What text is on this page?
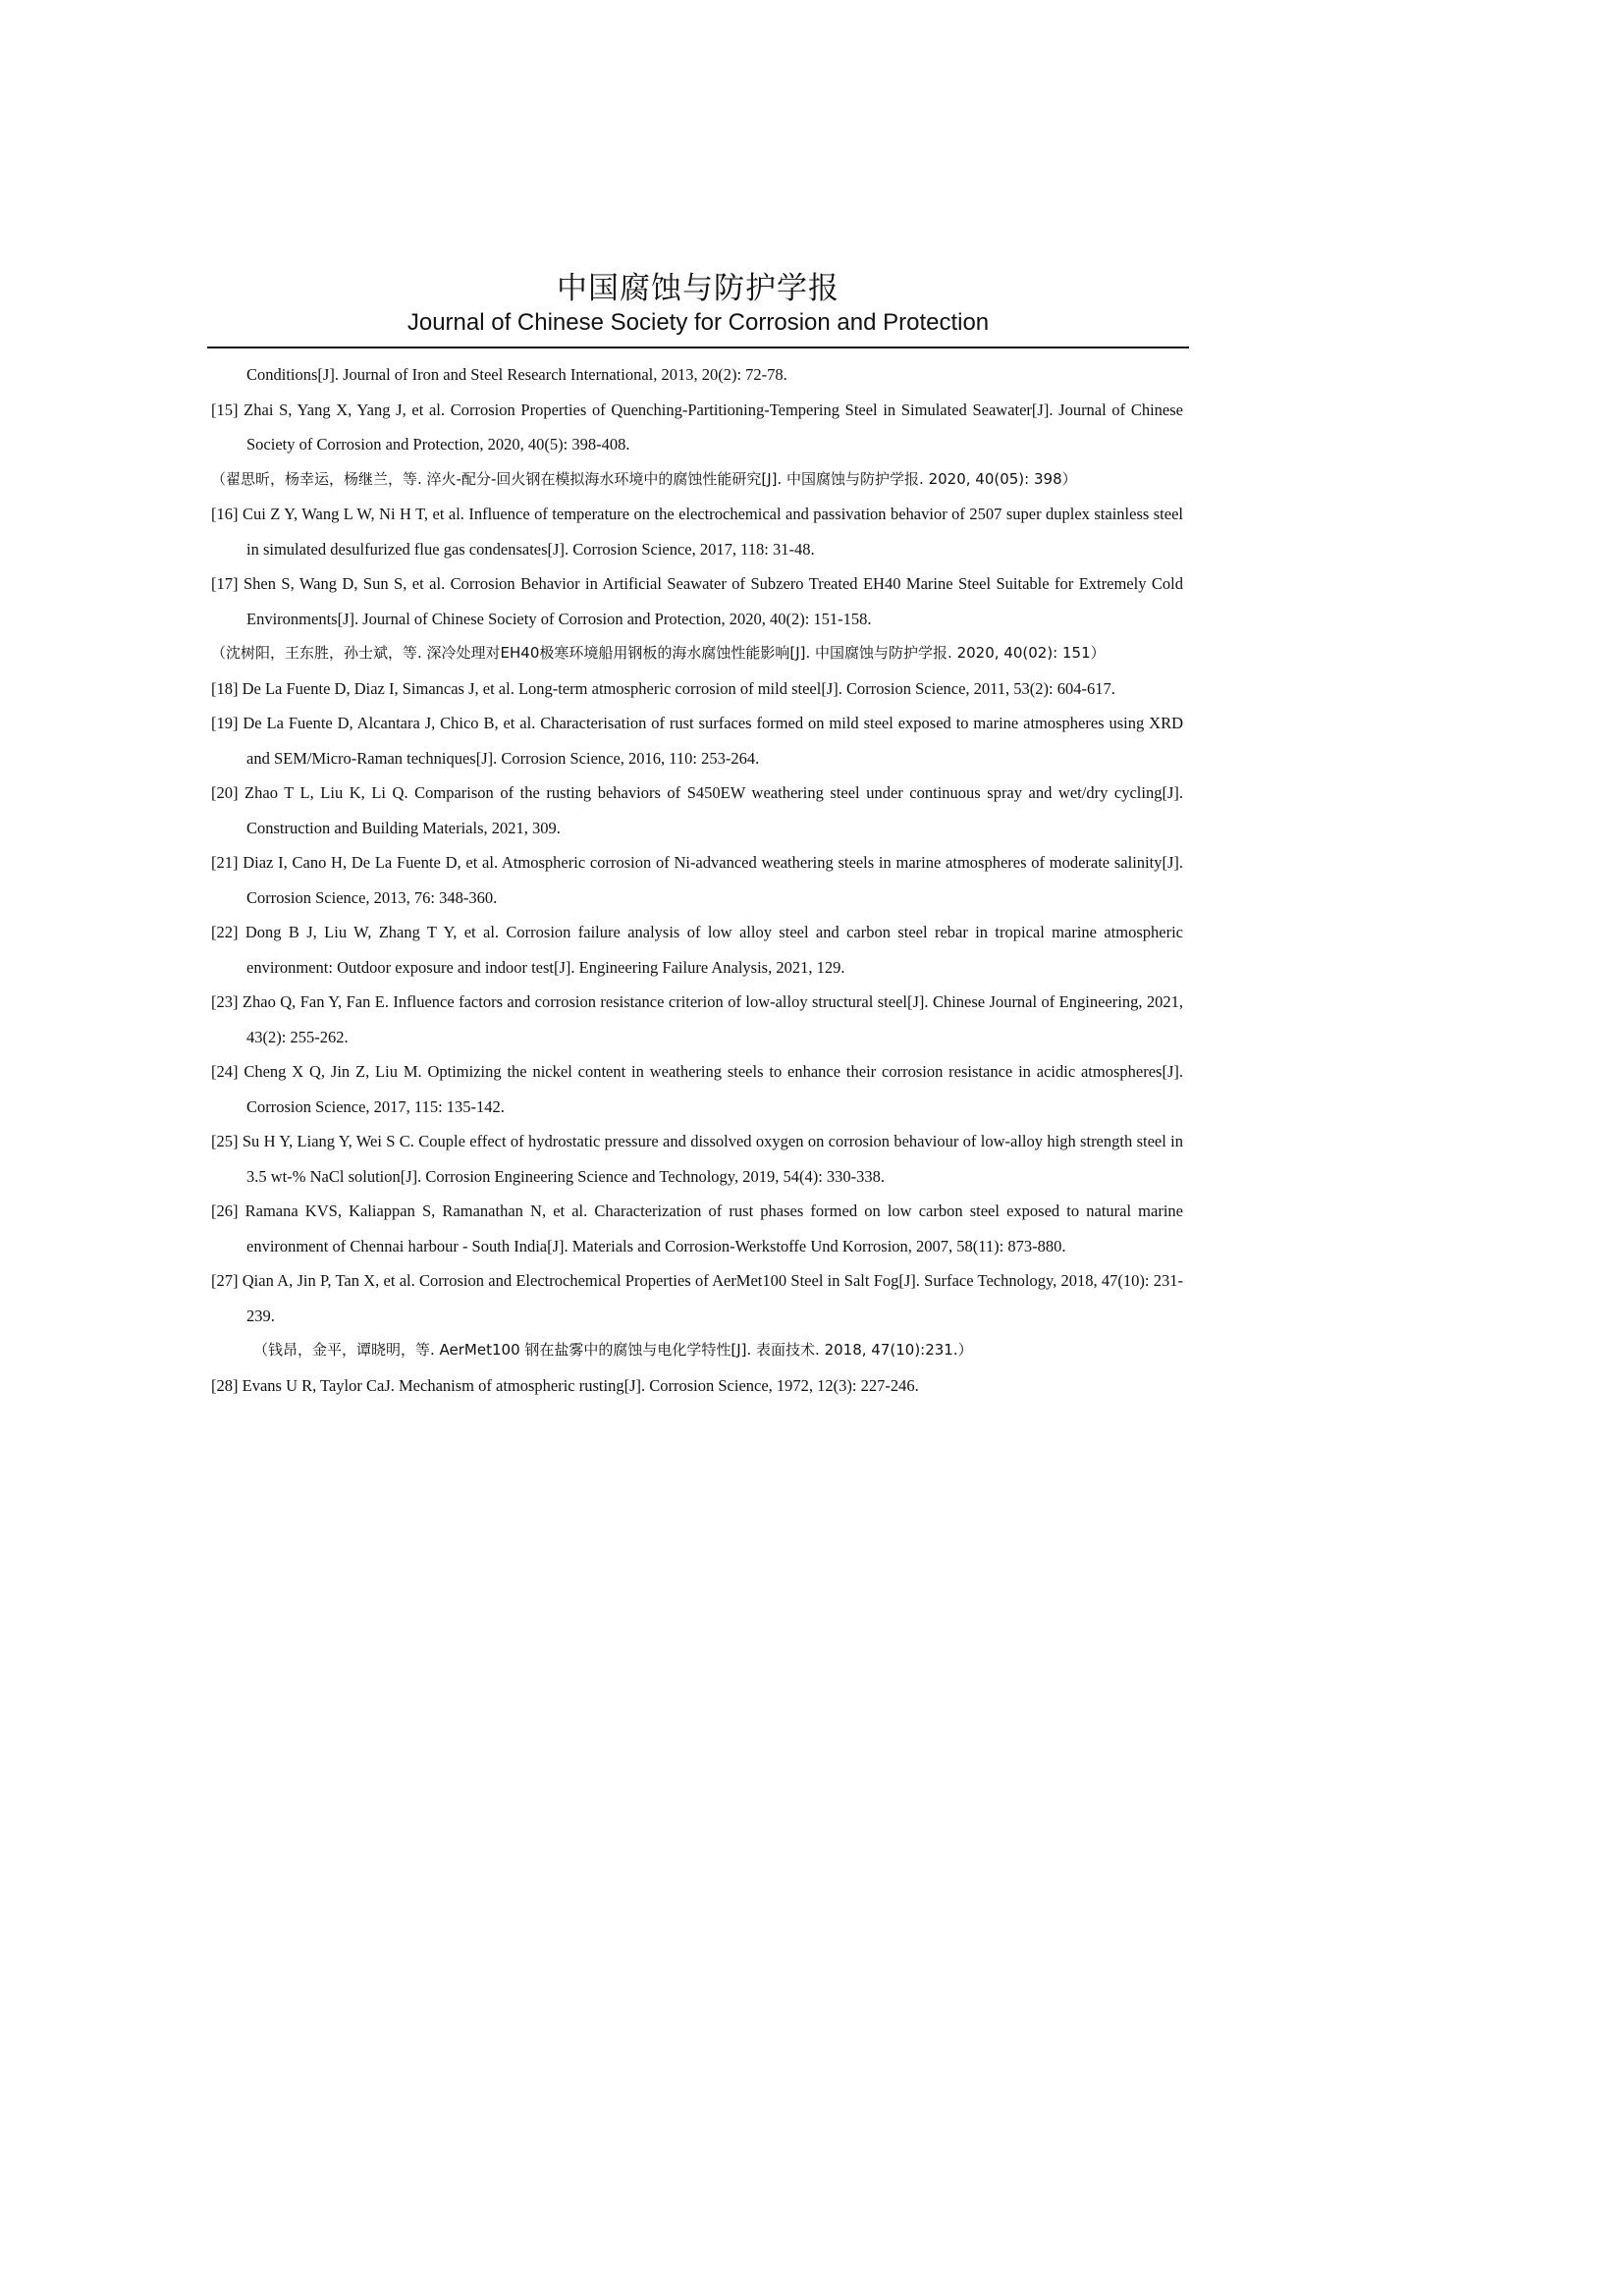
中国腐蚀与防护学报
Journal of Chinese Society for Corrosion and Protection

Conditions[J]. Journal of Iron and Steel Research International, 2013, 20(2): 72-78.

[15] Zhai S, Yang X, Yang J, et al. Corrosion Properties of Quenching-Partitioning-Tempering Steel in Simulated Seawater[J]. Journal of Chinese Society of Corrosion and Protection, 2020, 40(5): 398-408.

（翟思昕，杨幸运，杨继兰，等. 淬火-配分-回火钢在模拟海水环境中的腐蚀性能研究[J]. 中国腐蚀与防护学报. 2020, 40(05): 398）

[16] Cui Z Y, Wang L W, Ni H T, et al. Influence of temperature on the electrochemical and passivation behavior of 2507 super duplex stainless steel in simulated desulfurized flue gas condensates[J]. Corrosion Science, 2017, 118: 31-48.

[17] Shen S, Wang D, Sun S, et al. Corrosion Behavior in Artificial Seawater of Subzero Treated EH40 Marine Steel Suitable for Extremely Cold Environments[J]. Journal of Chinese Society of Corrosion and Protection, 2020, 40(2): 151-158.

（沈树阳，王东胜，孙士斌，等. 深冷处理对EH40极寒环境船用钢板的海水腐蚀性能影响[J]. 中国腐蚀与防护学报. 2020, 40(02): 151）

[18] De La Fuente D, Diaz I, Simancas J, et al. Long-term atmospheric corrosion of mild steel[J]. Corrosion Science, 2011, 53(2): 604-617.

[19] De La Fuente D, Alcantara J, Chico B, et al. Characterisation of rust surfaces formed on mild steel exposed to marine atmospheres using XRD and SEM/Micro-Raman techniques[J]. Corrosion Science, 2016, 110: 253-264.

[20] Zhao T L, Liu K, Li Q. Comparison of the rusting behaviors of S450EW weathering steel under continuous spray and wet/dry cycling[J]. Construction and Building Materials, 2021, 309.

[21] Diaz I, Cano H, De La Fuente D, et al. Atmospheric corrosion of Ni-advanced weathering steels in marine atmospheres of moderate salinity[J]. Corrosion Science, 2013, 76: 348-360.

[22] Dong B J, Liu W, Zhang T Y, et al. Corrosion failure analysis of low alloy steel and carbon steel rebar in tropical marine atmospheric environment: Outdoor exposure and indoor test[J]. Engineering Failure Analysis, 2021, 129.

[23] Zhao Q, Fan Y, Fan E. Influence factors and corrosion resistance criterion of low-alloy structural steel[J]. Chinese Journal of Engineering, 2021, 43(2): 255-262.

[24] Cheng X Q, Jin Z, Liu M. Optimizing the nickel content in weathering steels to enhance their corrosion resistance in acidic atmospheres[J]. Corrosion Science, 2017, 115: 135-142.

[25] Su H Y, Liang Y, Wei S C. Couple effect of hydrostatic pressure and dissolved oxygen on corrosion behaviour of low-alloy high strength steel in 3.5 wt-% NaCl solution[J]. Corrosion Engineering Science and Technology, 2019, 54(4): 330-338.

[26] Ramana KVS, Kaliappan S, Ramanathan N, et al. Characterization of rust phases formed on low carbon steel exposed to natural marine environment of Chennai harbour - South India[J]. Materials and Corrosion-Werkstoffe Und Korrosion, 2007, 58(11): 873-880.

[27] Qian A, Jin P, Tan X, et al. Corrosion and Electrochemical Properties of AerMet100 Steel in Salt Fog[J]. Surface Technology, 2018, 47(10): 231-239.

（钱昂，金平，谭晓明，等. AerMet100 钢在盐雾中的腐蚀与电化学特性[J]. 表面技术. 2018, 47(10):231.）

[28] Evans U R, Taylor CaJ. Mechanism of atmospheric rusting[J]. Corrosion Science, 1972, 12(3): 227-246.
